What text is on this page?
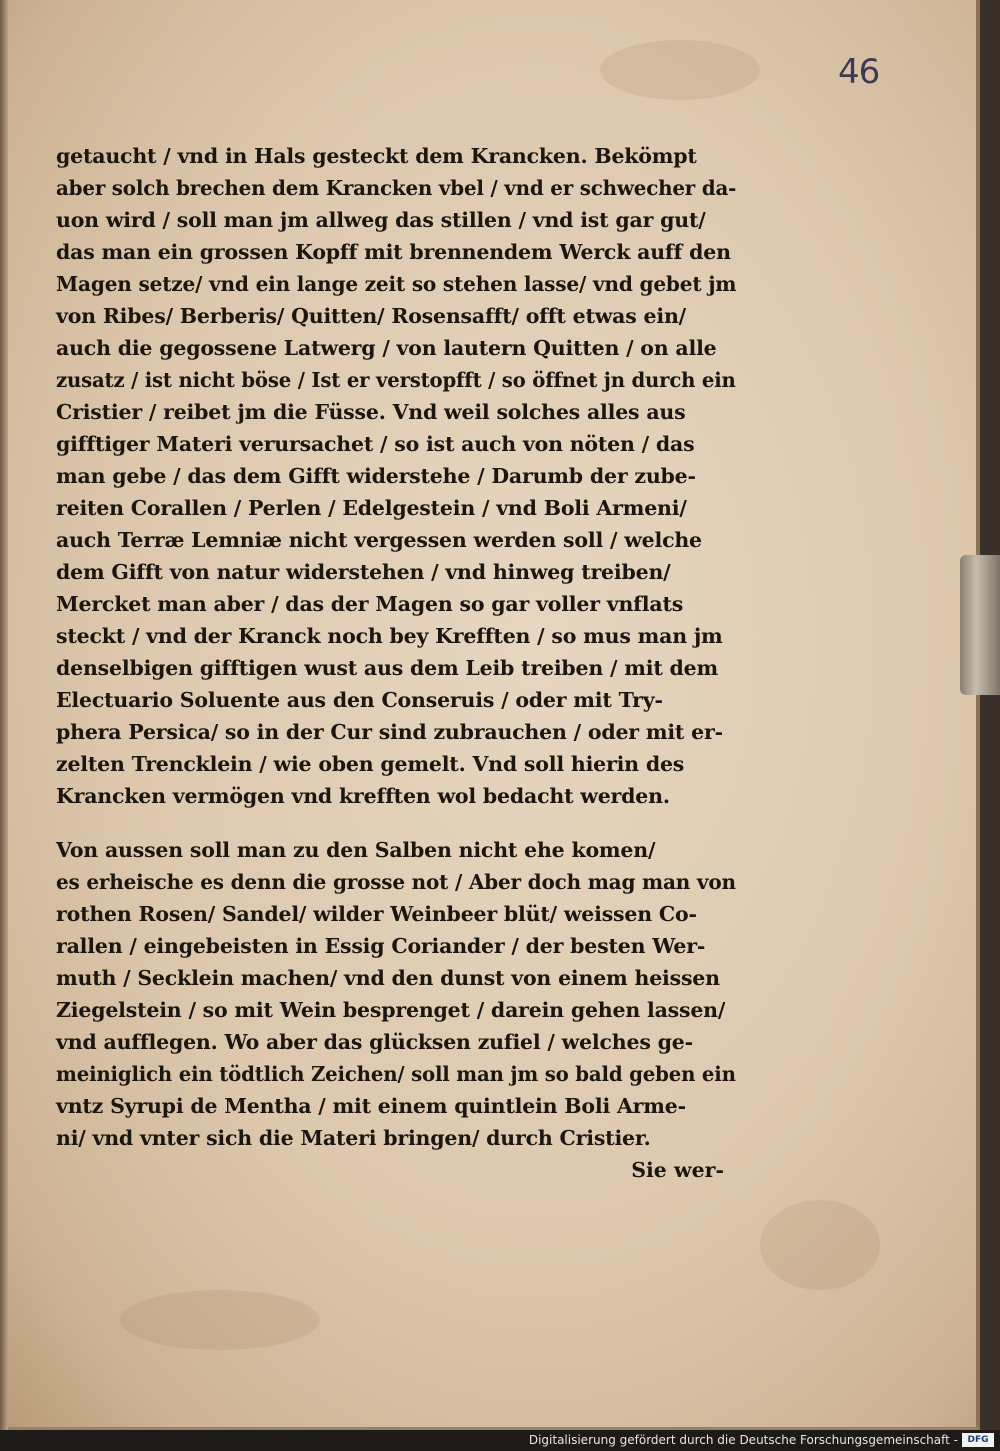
46
getaucht / vnd in Hals gesteckt dem Krancken. Bekömpt
aber solch brechen dem Krancken vbel / vnd er schwecher da-
uon wird / soll man jm allweg das stillen / vnd ist gar gut/
das man ein grossen Kopff mit brennendem Werck auff den
Magen setze/ vnd ein lange zeit so stehen lasse/ vnd gebet jm
von Ribes/ Berberis/ Quitten/ Rosensafft/ offt etwas ein/
auch die gegossene Latwerg / von lautern Quitten / on alle
zusatz / ist nicht böse / Ist er verstopfft / so öffnet jn durch ein
Cristier / reibet jm die Füsse. Vnd weil solches alles aus
gifftiger Materi verursachet / so ist auch von nöten / das
man gebe / das dem Gifft widerstehe / Darumb der zube-
reiten Corallen / Perlen / Edelgestein / vnd Boli Armeni/
auch Terræ Lemniæ nicht vergessen werden soll / welche
dem Gifft von natur widerstehen / vnd hinweg treiben/
Mercket man aber / das der Magen so gar voller vnflats
steckt / vnd der Kranck noch bey Krefften / so mus man jm
denselbigen gifftigen wust aus dem Leib treiben / mit dem
Electuario Soluente aus den Conseruis / oder mit Try-
phera Persica/ so in der Cur sind zubrauchen / oder mit er-
zelten Trencklein / wie oben gemelt. Vnd soll hierin des
Krancken vermögen vnd krefften wol bedacht werden.
Von aussen soll man zu den Salben nicht ehe komen/
es erheische es denn die grosse not / Aber doch mag man von
rothen Rosen/ Sandel/ wilder Weinbeer blüt/ weissen Co-
rallen / eingebeisten in Essig Coriander / der besten Wer-
muth / Secklein machen/ vnd den dunst von einem heissen
Ziegelstein / so mit Wein besprenget / darein gehen lassen/
vnd aufflegen. Wo aber das glücksen zufiel / welches ge-
meiniglich ein tödtlich Zeichen/ soll man jm so bald geben ein
vntz Syrupi de Mentha / mit einem quintlein Boli Arme-
ni/ vnd vnter sich die Materi bringen/ durch Cristier.
Sie wer-
Digitalisierung gefördert durch die Deutsche Forschungsgemeinschaft -	DFG
